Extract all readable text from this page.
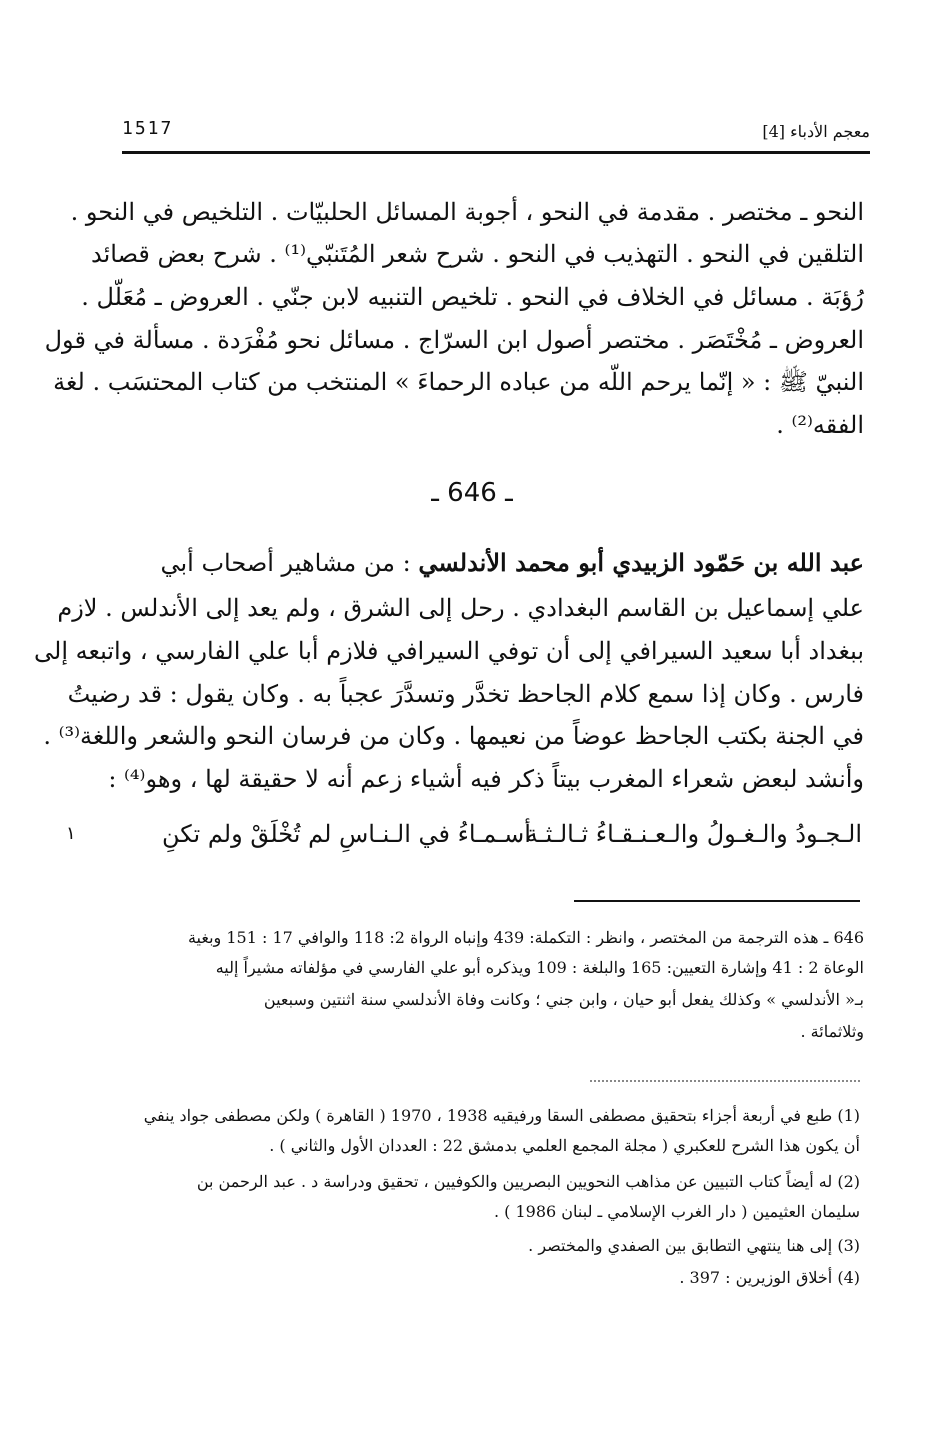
1517	معجم الأدباء [4]
النحو ـ مختصر . مقدمة في النحو ، أجوبة المسائل الحلبيّات . التلخيص في النحو .
التلقين في النحو . التهذيب في النحو . شرح شعر المُتَنبّي⁽¹⁾ . شرح بعض قصائد
رُؤبَة . مسائل في الخلاف في النحو . تلخيص التنبيه لابن جنّي . العروض ـ مُعَلّل .
العروض ـ مُخْتَصَر . مختصر أصول ابن السرّاج . مسائل نحو مُفْرَدة . مسألة في قول
النبيّ ﷺ : « إنّما يرحم اللّه من عباده الرحماءَ » المنتخب من كتاب المحتسَب . لغة
الفقه⁽²⁾ .
ـ 646 ـ
عبد الله بن حَمّود الزبيدي أبو محمد الأندلسي : من مشاهير أصحاب أبي
علي إسماعيل بن القاسم البغدادي . رحل إلى الشرق ، ولم يعد إلى الأندلس . لازم
ببغداد أبا سعيد السيرافي إلى أن توفي السيرافي فلازم أبا علي الفارسي ، واتبعه إلى
فارس . وكان إذا سمع كلام الجاحظ تخدَّر وتسدَّرَ عجباً به . وكان يقول : قد رضيتُ
في الجنة بكتب الجاحظ عوضاً من نعيمها . وكان من فرسان النحو والشعر واللغة⁽³⁾ .
وأنشد لبعض شعراء المغرب بيتاً ذكر فيه أشياء زعم أنه لا حقيقة لها ، وهو⁽⁴⁾ :
الـجـودُ والـغـولُ والـعـنـقـاءُ ثـالـثـة
أسـمـاءُ في الـنـاسِ لم تُخْلَقْ ولم تكنِ
١
646 ـ هذه الترجمة من المختصر ، وانظر : التكملة: 439 وإنباه الرواة 2: 118 والوافي 17 : 151 وبغية
الوعاة 2 : 41 وإشارة التعيين: 165 والبلغة : 109 ويذكره أبو علي الفارسي في مؤلفاته مشيراً إليه
بـ« الأندلسي » وكذلك يفعل أبو حيان ، وابن جني ؛ وكانت وفاة الأندلسي سنة اثنتين وسبعين
وثلاثمائة .
(1) طبع في أربعة أجزاء بتحقيق مصطفى السقا ورفيقيه 1938 ، 1970 ( القاهرة ) ولكن مصطفى جواد ينفي
أن يكون هذا الشرح للعكبري ( مجلة المجمع العلمي بدمشق 22 : العددان الأول والثاني ) .
(2) له أيضاً كتاب التبيين عن مذاهب النحويين البصريين والكوفيين ، تحقيق ودراسة د . عبد الرحمن بن
سليمان العثيمين ( دار الغرب الإسلامي ـ لبنان 1986 ) .
(3) إلى هنا ينتهي التطابق بين الصفدي والمختصر .
(4) أخلاق الوزيرين : 397 .
